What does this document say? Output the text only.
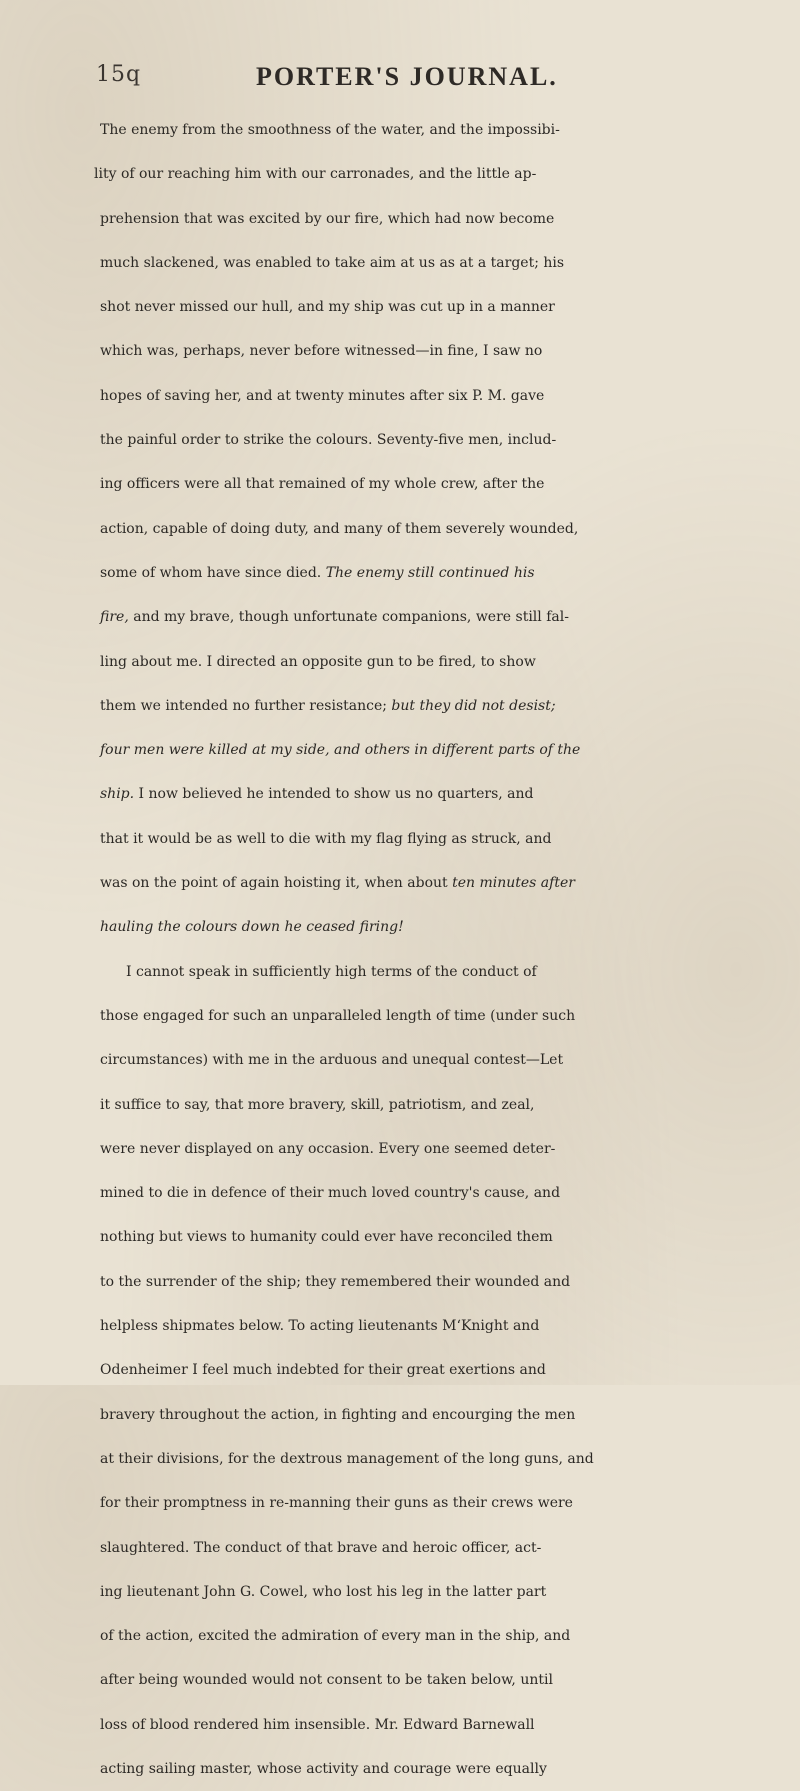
15q	PORTER'S JOURNAL.
The enemy from the smoothness of the water, and the impossibi-
lity of our reaching him with our carronades, and the little ap-
prehension that was excited by our fire, which had now become
much slackened, was enabled to take aim at us as at a target; his
shot never missed our hull, and my ship was cut up in a manner
which was, perhaps, never before witnessed—in fine, I saw no
hopes of saving her, and at twenty minutes after six P. M. gave
the painful order to strike the colours. Seventy-five men, includ-
ing officers were all that remained of my whole crew, after the
action, capable of doing duty, and many of them severely wounded,
some of whom have since died. The enemy still continued his
fire, and my brave, though unfortunate companions, were still fal-
ling about me. I directed an opposite gun to be fired, to show
them we intended no further resistance; but they did not desist;
four men were killed at my side, and others in different parts of the
ship. I now believed he intended to show us no quarters, and
that it would be as well to die with my flag flying as struck, and
was on the point of again hoisting it, when about ten minutes after
hauling the colours down he ceased firing!
I cannot speak in sufficiently high terms of the conduct of
those engaged for such an unparalleled length of time (under such
circumstances) with me in the arduous and unequal contest—Let
it suffice to say, that more bravery, skill, patriotism, and zeal,
were never displayed on any occasion. Every one seemed deter-
mined to die in defence of their much loved country's cause, and
nothing but views to humanity could ever have reconciled them
to the surrender of the ship; they remembered their wounded and
helpless shipmates below. To acting lieutenants M‘Knight and
Odenheimer I feel much indebted for their great exertions and
bravery throughout the action, in fighting and encourging the men
at their divisions, for the dextrous management of the long guns, and
for their promptness in re-manning their guns as their crews were
slaughtered. The conduct of that brave and heroic officer, act-
ing lieutenant John G. Cowel, who lost his leg in the latter part
of the action, excited the admiration of every man in the ship, and
after being wounded would not consent to be taken below, until
loss of blood rendered him insensible. Mr. Edward Barnewall
acting sailing master, whose activity and courage were equally
